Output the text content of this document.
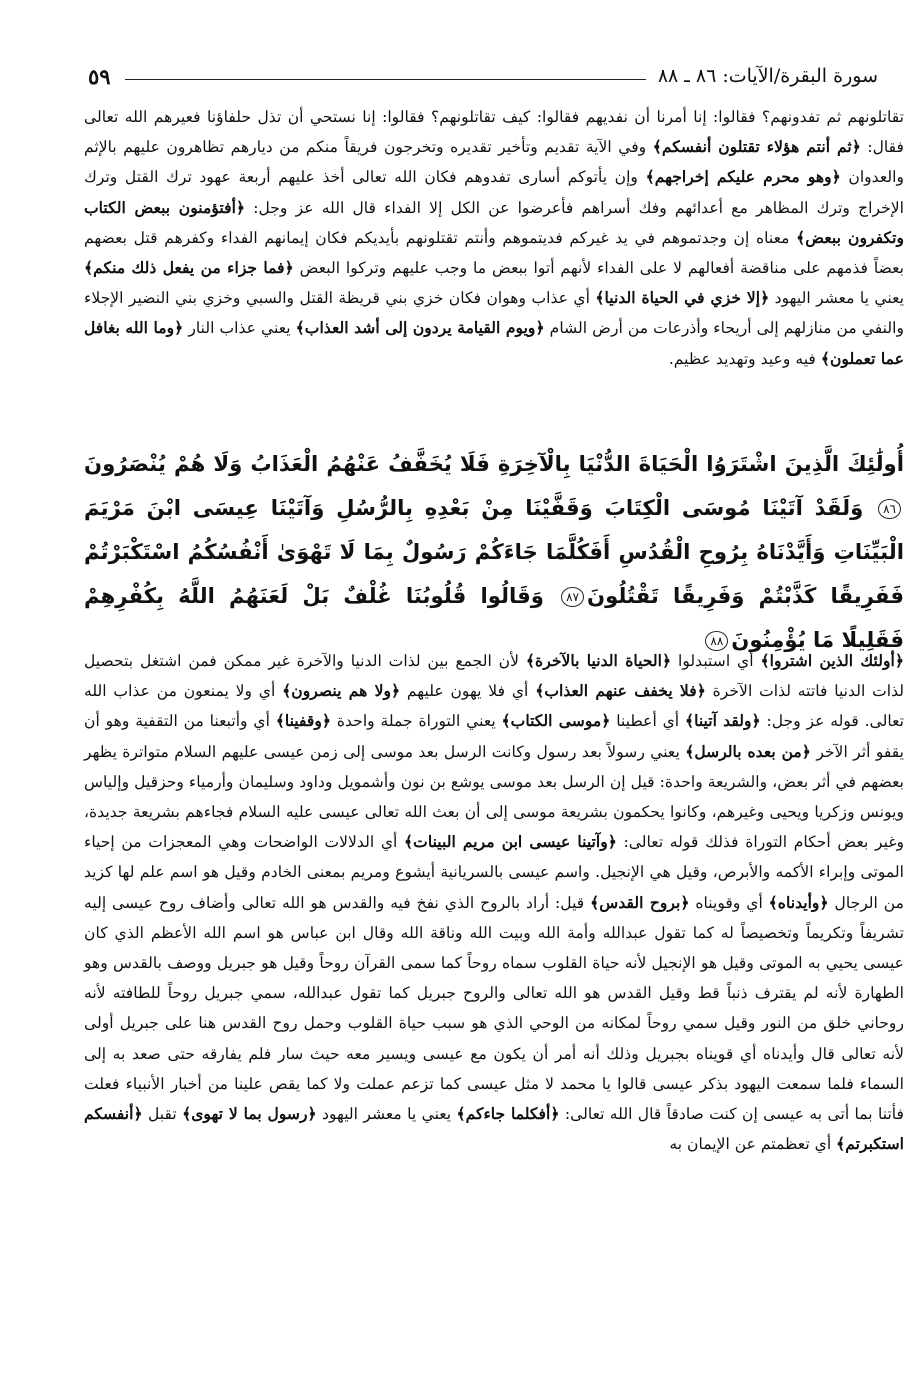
سورة البقرة/الآيات: ٨٦ ـ ٨٨
٥٩

تقاتلونهم ثم تفدونهم؟ فقالوا: إنا أمرنا أن نفديهم فقالوا: كيف تقاتلونهم؟ فقالوا: إنا نستحي أن تذل حلفاؤنا فعيرهم الله تعالى فقال: ﴿ثم أنتم هؤلاء تقتلون أنفسكم﴾ وفي الآية تقديم وتأخير تقديره وتخرجون فريقاً منكم من ديارهم تظاهرون عليهم بالإثم والعدوان ﴿وهو محرم عليكم إخراجهم﴾ وإن يأتوكم أسارى تفدوهم فكان الله تعالى أخذ عليهم أربعة عهود ترك القتل وترك الإخراج وترك المظاهر مع أعدائهم وفك أسراهم فأعرضوا عن الكل إلا الفداء قال الله عز وجل: ﴿أفتؤمنون ببعض الكتاب وتكفرون ببعض﴾ معناه إن وجدتموهم في يد غيركم فديتموهم وأنتم تقتلونهم بأيديكم فكان إيمانهم الفداء وكفرهم قتل بعضهم بعضاً فذمهم على مناقضة أفعالهم لا على الفداء لأنهم أتوا ببعض ما وجب عليهم وتركوا البعض ﴿فما جزاء من يفعل ذلك منكم﴾ يعني يا معشر اليهود ﴿إلا خزي في الحياة الدنيا﴾ أي عذاب وهوان فكان خزي بني قريظة القتل والسبي وخزي بني النضير الإجلاء والنفي من منازلهم إلى أريحاء وأذرعات من أرض الشام ﴿ويوم القيامة يردون إلى أشد العذاب﴾ يعني عذاب النار ﴿وما الله بغافل عما تعملون﴾ فيه وعيد وتهديد عظيم.

أُولَٰئِكَ الَّذِينَ اشْتَرَوُا الْحَيَاةَ الدُّنْيَا بِالْآخِرَةِ فَلَا يُخَفَّفُ عَنْهُمُ الْعَذَابُ وَلَا هُمْ يُنْصَرُونَ٨٦ وَلَقَدْ آتَيْنَا مُوسَى الْكِتَابَ وَقَفَّيْنَا مِنْ بَعْدِهِ بِالرُّسُلِ وَآتَيْنَا عِيسَى ابْنَ مَرْيَمَ الْبَيِّنَاتِ وَأَيَّدْنَاهُ بِرُوحِ الْقُدُسِ أَفَكُلَّمَا جَاءَكُمْ رَسُولٌ بِمَا لَا تَهْوَىٰ أَنْفُسُكُمُ اسْتَكْبَرْتُمْ فَفَرِيقًا كَذَّبْتُمْ وَفَرِيقًا تَقْتُلُونَ٨٧ وَقَالُوا قُلُوبُنَا غُلْفٌ بَلْ لَعَنَهُمُ اللَّهُ بِكُفْرِهِمْ فَقَلِيلًا مَا يُؤْمِنُونَ٨٨

﴿أولئك الذين اشتروا﴾ أي استبدلوا ﴿الحياة الدنيا بالآخرة﴾ لأن الجمع بين لذات الدنيا والآخرة غير ممكن فمن اشتغل بتحصيل لذات الدنيا فاتته لذات الآخرة ﴿فلا يخفف عنهم العذاب﴾ أي فلا يهون عليهم ﴿ولا هم ينصرون﴾ أي ولا يمنعون من عذاب الله تعالى. قوله عز وجل: ﴿ولقد آتينا﴾ أي أعطينا ﴿موسى الكتاب﴾ يعني التوراة جملة واحدة ﴿وقفينا﴾ أي وأتبعنا من التقفية وهو أن يقفو أثر الآخر ﴿من بعده بالرسل﴾ يعني رسولاً بعد رسول وكانت الرسل بعد موسى إلى زمن عيسى عليهم السلام متواترة يظهر بعضهم في أثر بعض، والشريعة واحدة: قيل إن الرسل بعد موسى يوشع بن نون وأشمويل وداود وسليمان وأرمياء وحزقيل وإلياس ويونس وزكريا ويحيى وغيرهم، وكانوا يحكمون بشريعة موسى إلى أن بعث الله تعالى عيسى عليه السلام فجاءهم بشريعة جديدة، وغير بعض أحكام التوراة فذلك قوله تعالى: ﴿وآتينا عيسى ابن مريم البينات﴾ أي الدلالات الواضحات وهي المعجزات من إحياء الموتى وإبراء الأكمه والأبرص، وقيل هي الإنجيل. واسم عيسى بالسريانية أيشوع ومريم بمعنى الخادم وقيل هو اسم علم لها كزيد من الرجال ﴿وأيدناه﴾ أي وقويناه ﴿بروح القدس﴾ قيل: أراد بالروح الذي نفخ فيه والقدس هو الله تعالى وأضاف روح عيسى إليه تشريفاً وتكريماً وتخصيصاً له كما تقول عبدالله وأمة الله وبيت الله وناقة الله وقال ابن عباس هو اسم الله الأعظم الذي كان عيسى يحيي به الموتى وقيل هو الإنجيل لأنه حياة القلوب سماه روحاً كما سمى القرآن روحاً وقيل هو جبريل ووصف بالقدس وهو الطهارة لأنه لم يقترف ذنباً قط وقيل القدس هو الله تعالى والروح جبريل كما تقول عبدالله، سمي جبريل روحاً للطافته لأنه روحاني خلق من النور وقيل سمي روحاً لمكانه من الوحي الذي هو سبب حياة القلوب وحمل روح القدس هنا على جبريل أولى لأنه تعالى قال وأيدناه أي قويناه بجبريل وذلك أنه أمر أن يكون مع عيسى ويسير معه حيث سار فلم يفارقه حتى صعد به إلى السماء فلما سمعت اليهود بذكر عيسى قالوا يا محمد لا مثل عيسى كما تزعم عملت ولا كما يقص علينا من أخبار الأنبياء فعلت فأتنا بما أتى به عيسى إن كنت صادقاً قال الله تعالى: ﴿أفكلما جاءكم﴾ يعني يا معشر اليهود ﴿رسول بما لا تهوى﴾ تقبل ﴿أنفسكم استكبرتم﴾ أي تعظمتم عن الإيمان به
